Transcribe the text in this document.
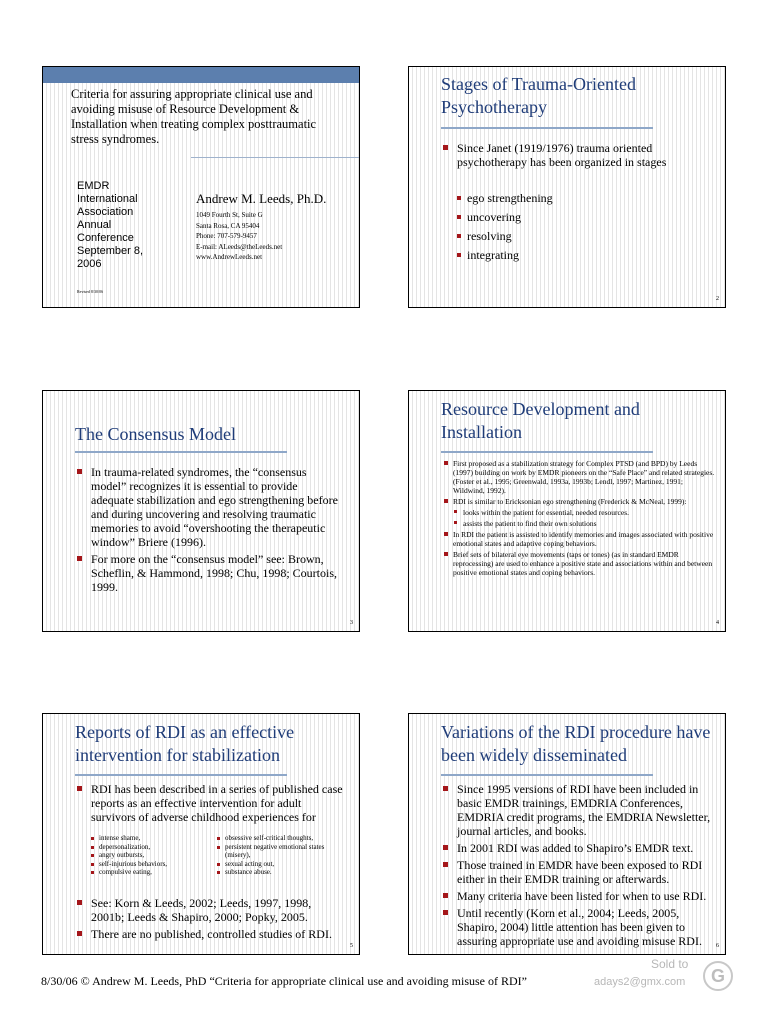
Criteria for assuring appropriate clinical use and avoiding misuse of Resource Development & Installation when treating complex posttraumatic stress syndromes.
EMDR
International
Association
Annual
Conference
September 8,
2006
Andrew M. Leeds, Ph.D.
1049 Fourth St, Suite G
Santa Rosa, CA 95404
Phone: 707-579-9457
E-mail: ALeeds@theLeeds.net
www.AndrewLeeds.net
Revised 8/30/06
Stages of Trauma-Oriented Psychotherapy
Since Janet (1919/1976) trauma oriented psychotherapy has been organized in stages
ego strengthening
uncovering
resolving
integrating
2
The Consensus Model
In trauma-related syndromes, the “consensus model” recognizes it is essential to provide adequate stabilization and ego strengthening before and during uncovering and resolving traumatic memories to avoid “overshooting the therapeutic window” Briere (1996).
For more on the “consensus model” see: Brown, Scheflin, & Hammond, 1998; Chu, 1998; Courtois, 1999.
3
Resource Development and Installation
First proposed as a stabilization strategy for Complex PTSD (and BPD) by Leeds (1997) building on work by EMDR pioneers on the “Safe Place” and related strategies. (Foster et al., 1995; Greenwald, 1993a, 1993b; Lendl, 1997; Martinez, 1991; Wildwind, 1992).
RDI is similar to Ericksonian ego strengthening (Frederick & McNeal, 1999):
looks within the patient for essential, needed resources.
assists the patient to find their own solutions
In RDI the patient is assisted to identify memories and images associated with positive emotional states and adaptive coping behaviors.
Brief sets of bilateral eye movements (taps or tones) (as in standard EMDR reprocessing) are used to enhance a positive state and associations within and between positive emotional states and coping behaviors.
4
Reports of RDI as an effective intervention for stabilization
RDI has been described in a series of published case reports as an effective intervention for adult survivors of adverse childhood experiences for
intense shame,
depersonalization,
angry outbursts,
self-injurious behaviors,
compulsive eating,
obsessive self-critical thoughts,
persistent negative emotional states (misery),
sexual acting out,
substance abuse.
See: Korn & Leeds, 2002; Leeds, 1997, 1998, 2001b; Leeds & Shapiro, 2000; Popky, 2005.
There are no published, controlled studies of RDI.
5
Variations of the RDI procedure have been widely disseminated
Since 1995 versions of RDI have been included in basic EMDR trainings, EMDRIA Conferences, EMDRIA credit programs, the EMDRIA Newsletter, journal articles, and books.
In 2001 RDI was added to Shapiro’s EMDR text.
Those trained in EMDR have been exposed to RDI either in their EMDR training or afterwards.
Many criteria have been listed for when to use RDI.
Until recently (Korn et al., 2004; Leeds, 2005, Shapiro, 2004) little attention has been given to assuring appropriate use and avoiding misuse RDI.	6
8/30/06 © Andrew M. Leeds, PhD “Criteria for appropriate clinical use and avoiding misuse of RDI”
Sold to
adays2@gmx.com	G
